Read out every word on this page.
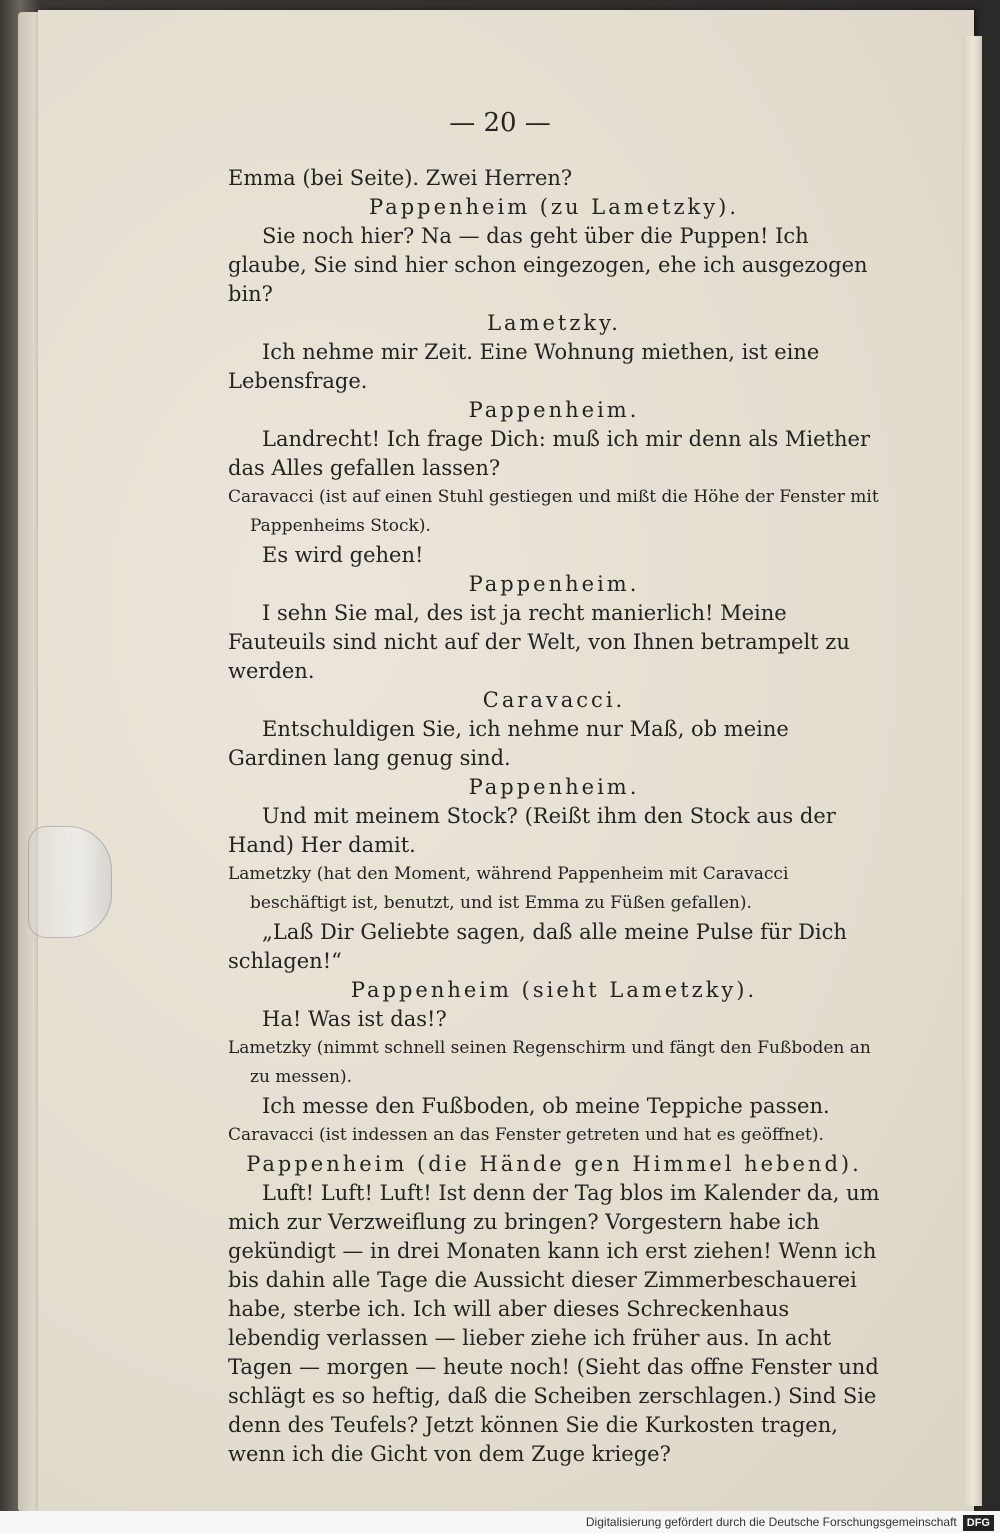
— 20 —

Emma (bei Seite). Zwei Herren?

Pappenheim (zu Lametzky).

Sie noch hier? Na — das geht über die Puppen! Ich glaube, Sie sind hier schon eingezogen, ehe ich ausgezogen bin?

Lametzky.

Ich nehme mir Zeit. Eine Wohnung miethen, ist eine Lebensfrage.

Pappenheim.

Landrecht! Ich frage Dich: muß ich mir denn als Miether das Alles gefallen lassen?

Caravacci (ist auf einen Stuhl gestiegen und mißt die Höhe der Fenster mit Pappenheims Stock).

Es wird gehen!

Pappenheim.

I sehn Sie mal, des ist ja recht manierlich! Meine Fauteuils sind nicht auf der Welt, von Ihnen betrampelt zu werden.

Caravacci.

Entschuldigen Sie, ich nehme nur Maß, ob meine Gardinen lang genug sind.

Pappenheim.

Und mit meinem Stock? (Reißt ihm den Stock aus der Hand) Her damit.

Lametzky (hat den Moment, während Pappenheim mit Caravacci beschäftigt ist, benutzt, und ist Emma zu Füßen gefallen).

„Laß Dir Geliebte sagen, daß alle meine Pulse für Dich schlagen!“

Pappenheim (sieht Lametzky).

Ha! Was ist das!?

Lametzky (nimmt schnell seinen Regenschirm und fängt den Fußboden an zu messen).

Ich messe den Fußboden, ob meine Teppiche passen.

Caravacci (ist indessen an das Fenster getreten und hat es geöffnet).

Pappenheim (die Hände gen Himmel hebend).

Luft! Luft! Luft! Ist denn der Tag blos im Kalender da, um mich zur Verzweiflung zu bringen? Vorgestern habe ich gekündigt — in drei Monaten kann ich erst ziehen! Wenn ich bis dahin alle Tage die Aussicht dieser Zimmerbeschauerei habe, sterbe ich. Ich will aber dieses Schreckenhaus lebendig verlassen — lieber ziehe ich früher aus. In acht Tagen — morgen — heute noch! (Sieht das offne Fenster und schlägt es so heftig, daß die Scheiben zerschlagen.) Sind Sie denn des Teufels? Jetzt können Sie die Kurkosten tragen, wenn ich die Gicht von dem Zuge kriege?

Digitalisierung gefördert durch die Deutsche Forschungsgemeinschaft DFG
